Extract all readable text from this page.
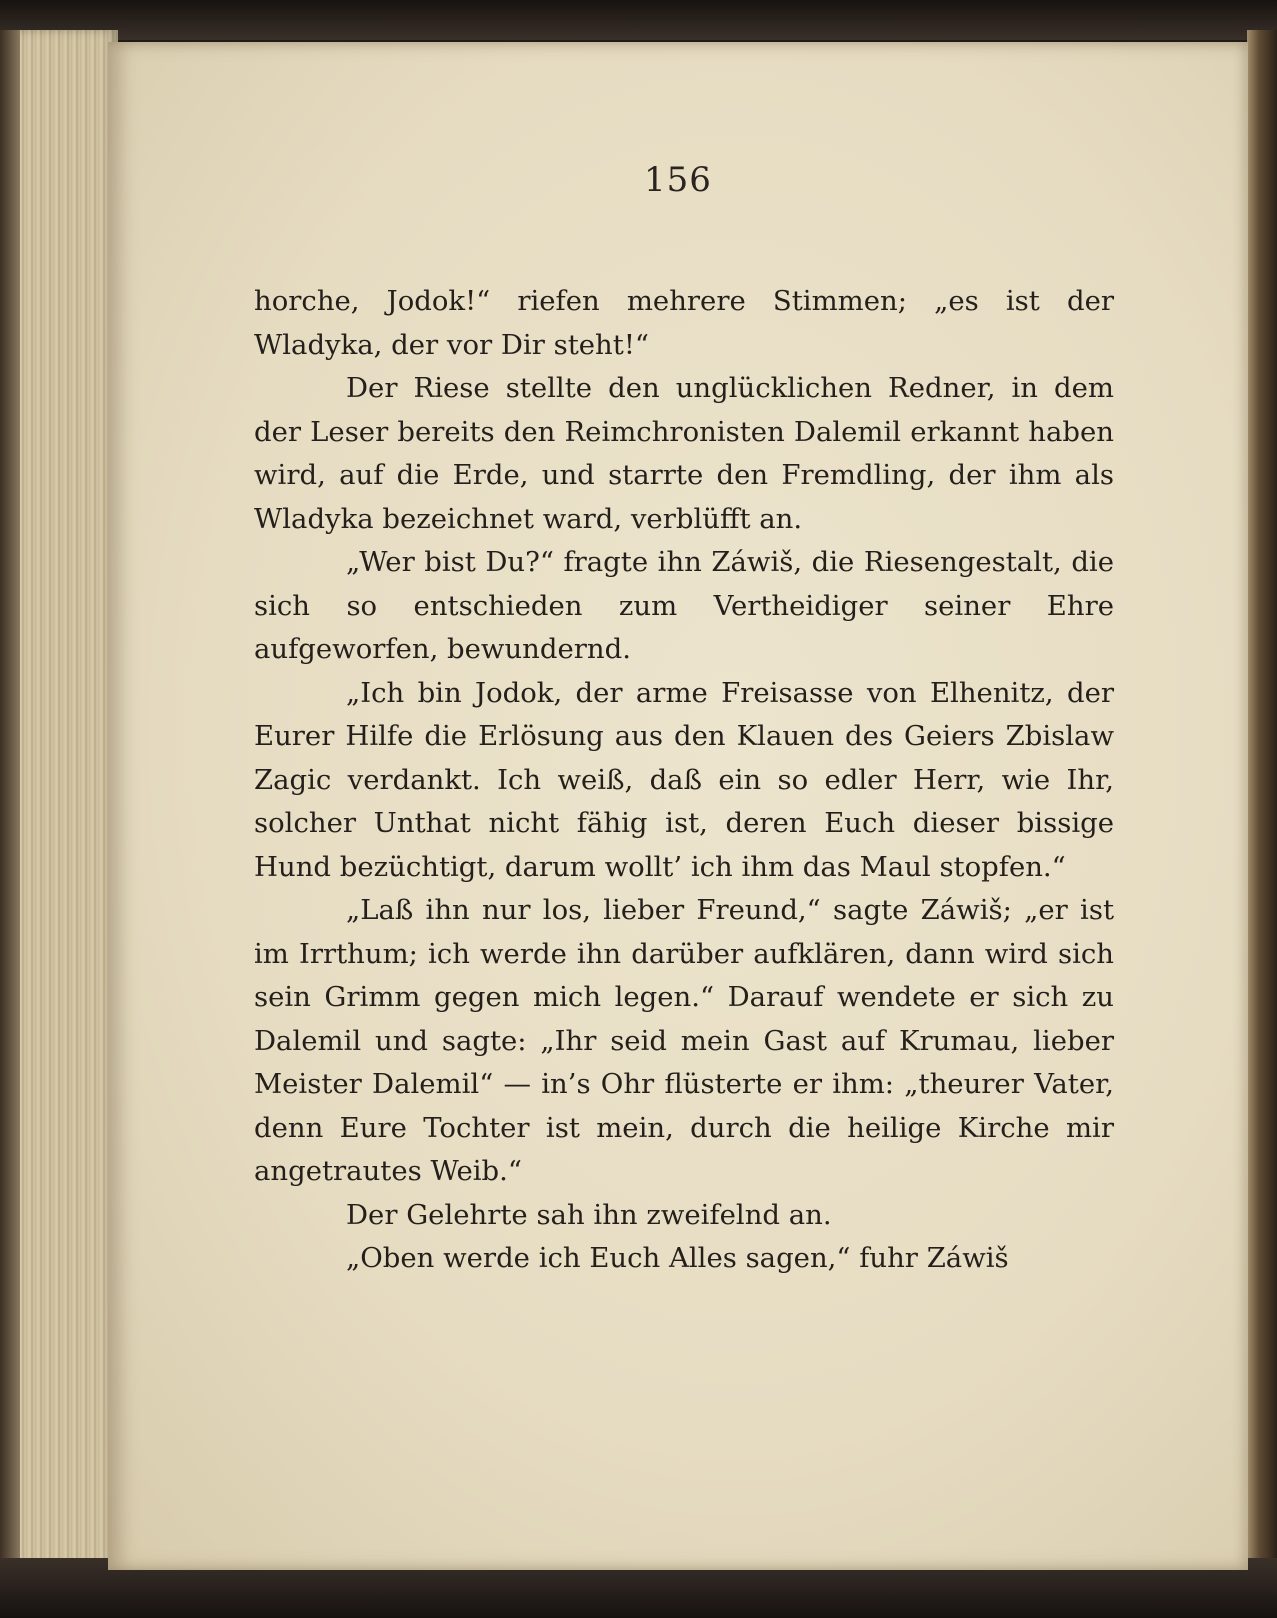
156

horche, Jodok!“ riefen mehrere Stimmen; „es ist der Wladyka, der vor Dir steht!“

Der Riese stellte den unglücklichen Redner, in dem der Leser bereits den Reimchronisten Dalemil erkannt haben wird, auf die Erde, und starrte den Fremdling, der ihm als Wladyka bezeichnet ward, verblüfft an.

„Wer bist Du?“ fragte ihn Záwiš, die Riesengestalt, die sich so entschieden zum Vertheidiger seiner Ehre aufgeworfen, bewundernd.

„Ich bin Jodok, der arme Freisasse von Elhenitz, der Eurer Hilfe die Erlösung aus den Klauen des Geiers Zbislaw Zagic verdankt. Ich weiß, daß ein so edler Herr, wie Ihr, solcher Unthat nicht fähig ist, deren Euch dieser bissige Hund bezüchtigt, darum wollt’ ich ihm das Maul stopfen.“

„Laß ihn nur los, lieber Freund,“ sagte Záwiš; „er ist im Irrthum; ich werde ihn darüber aufklären, dann wird sich sein Grimm gegen mich legen.“ Darauf wendete er sich zu Dalemil und sagte: „Ihr seid mein Gast auf Krumau, lieber Meister Dalemil“ — in’s Ohr flüsterte er ihm: „theurer Vater, denn Eure Tochter ist mein, durch die heilige Kirche mir angetrautes Weib.“

Der Gelehrte sah ihn zweifelnd an.

„Oben werde ich Euch Alles sagen,“ fuhr Záwiš
